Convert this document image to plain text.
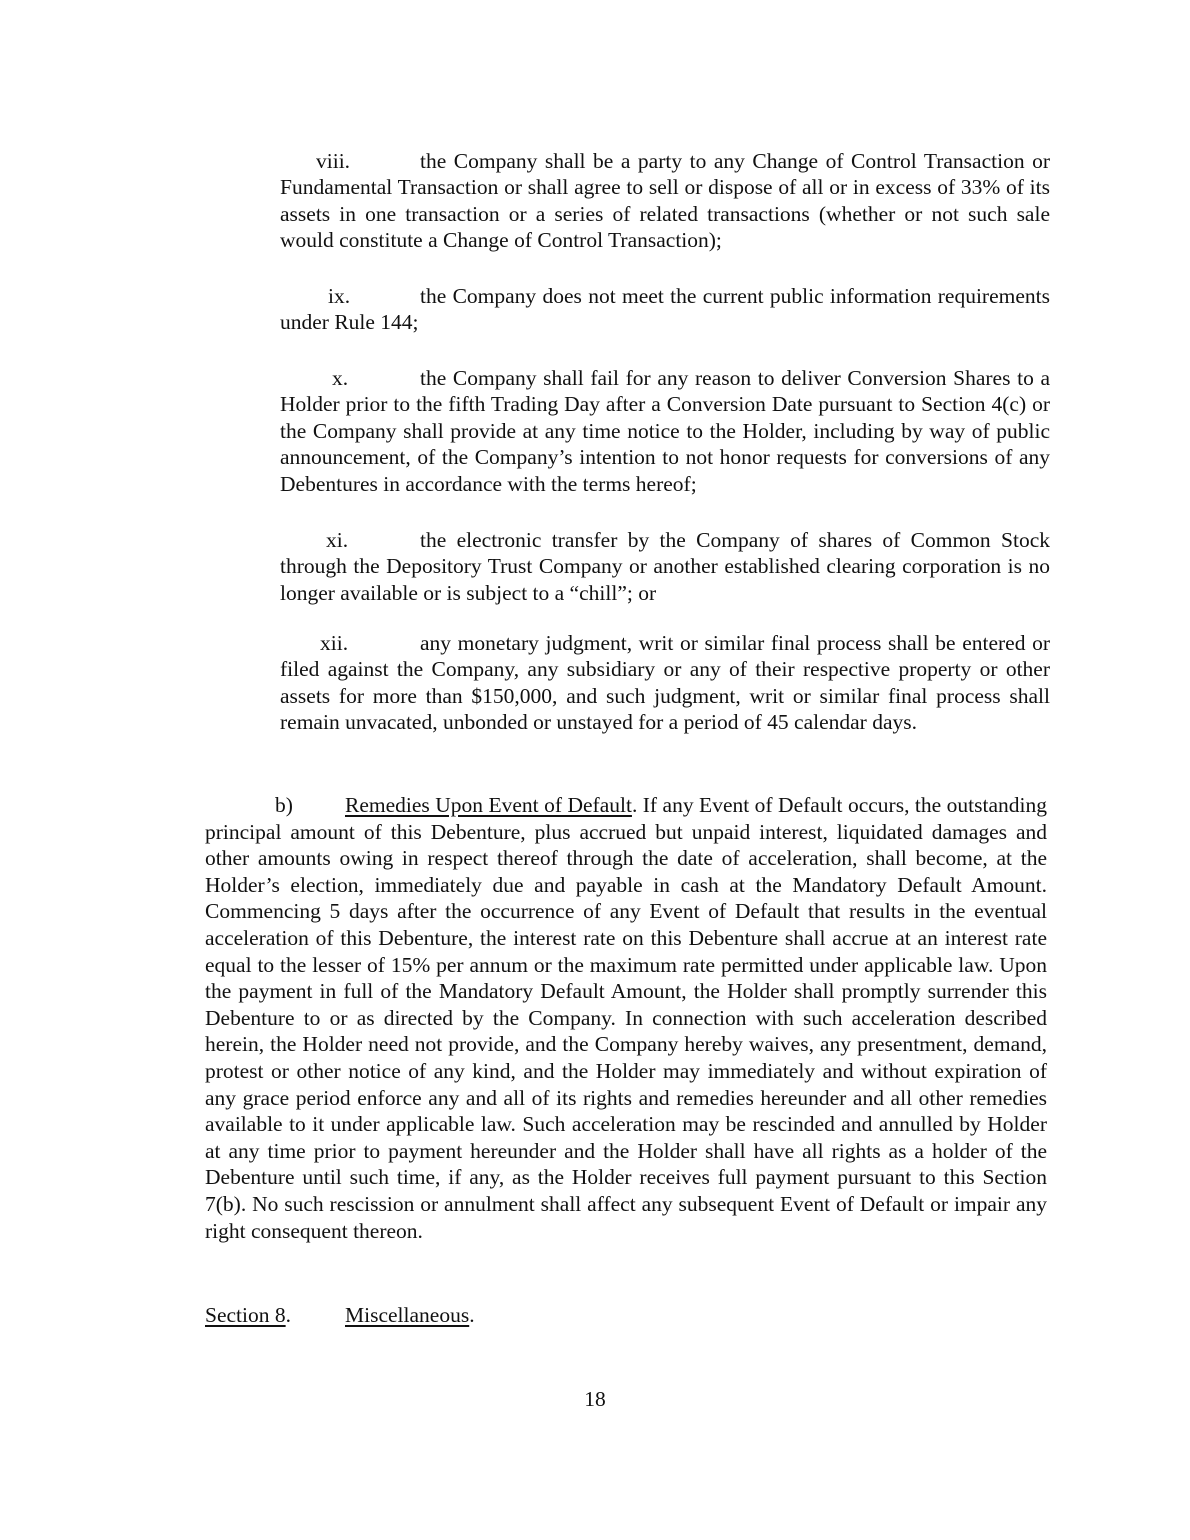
viii.	the Company shall be a party to any Change of Control Transaction or Fundamental Transaction or shall agree to sell or dispose of all or in excess of 33% of its assets in one transaction or a series of related transactions (whether or not such sale would constitute a Change of Control Transaction);
ix.	the Company does not meet the current public information requirements under Rule 144;
x.	the Company shall fail for any reason to deliver Conversion Shares to a Holder prior to the fifth Trading Day after a Conversion Date pursuant to Section 4(c) or the Company shall provide at any time notice to the Holder, including by way of public announcement, of the Company’s intention to not honor requests for conversions of any Debentures in accordance with the terms hereof;
xi.	the electronic transfer by the Company of shares of Common Stock through the Depository Trust Company or another established clearing corporation is no longer available or is subject to a “chill”; or
xii.	any monetary judgment, writ or similar final process shall be entered or filed against the Company, any subsidiary or any of their respective property or other assets for more than $150,000, and such judgment, writ or similar final process shall remain unvacated, unbonded or unstayed for a period of 45 calendar days.
b) Remedies Upon Event of Default. If any Event of Default occurs, the outstanding principal amount of this Debenture, plus accrued but unpaid interest, liquidated damages and other amounts owing in respect thereof through the date of acceleration, shall become, at the Holder’s election, immediately due and payable in cash at the Mandatory Default Amount. Commencing 5 days after the occurrence of any Event of Default that results in the eventual acceleration of this Debenture, the interest rate on this Debenture shall accrue at an interest rate equal to the lesser of 15% per annum or the maximum rate permitted under applicable law. Upon the payment in full of the Mandatory Default Amount, the Holder shall promptly surrender this Debenture to or as directed by the Company. In connection with such acceleration described herein, the Holder need not provide, and the Company hereby waives, any presentment, demand, protest or other notice of any kind, and the Holder may immediately and without expiration of any grace period enforce any and all of its rights and remedies hereunder and all other remedies available to it under applicable law. Such acceleration may be rescinded and annulled by Holder at any time prior to payment hereunder and the Holder shall have all rights as a holder of the Debenture until such time, if any, as the Holder receives full payment pursuant to this Section 7(b). No such rescission or annulment shall affect any subsequent Event of Default or impair any right consequent thereon.
Section 8.	Miscellaneous.
18
